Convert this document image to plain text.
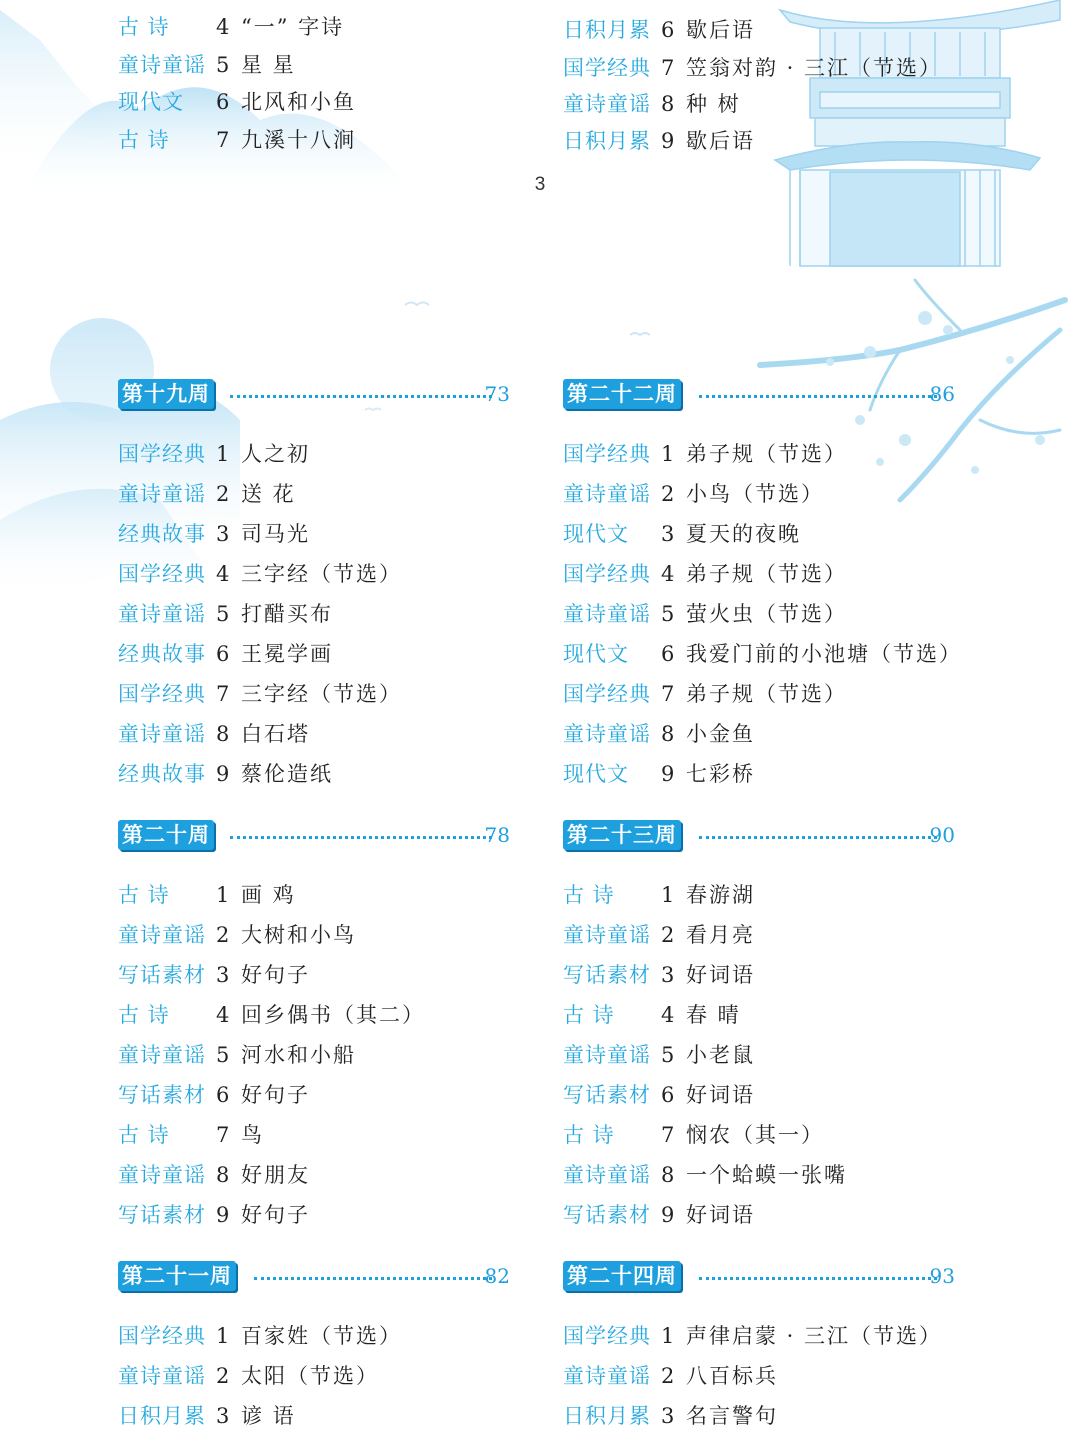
3
古 诗 4 “一” 字诗
童诗童谣 5 星 星
现代文 6 北风和小鱼
古 诗 7 九溪十八涧
日积月累 6 歇后语
国学经典 7 笠翁对韵 · 三江（节选）
童诗童谣 8 种 树
日积月累 9 歇后语
第十九周	73
国学经典 1 人之初
童诗童谣 2 送 花
经典故事 3 司马光
国学经典 4 三字经（节选）
童诗童谣 5 打醋买布
经典故事 6 王冕学画
国学经典 7 三字经（节选）
童诗童谣 8 白石塔
经典故事 9 蔡伦造纸
第二十周	78
古 诗 1 画 鸡
童诗童谣 2 大树和小鸟
写话素材 3 好句子
古 诗 4 回乡偶书（其二）
童诗童谣 5 河水和小船
写话素材 6 好句子
古 诗 7 鸟
童诗童谣 8 好朋友
写话素材 9 好句子
第二十一周	82
国学经典 1 百家姓（节选）
童诗童谣 2 太阳（节选）
日积月累 3 谚 语
第二十二周	86
国学经典 1 弟子规（节选）
童诗童谣 2 小鸟（节选）
现代文 3 夏天的夜晚
国学经典 4 弟子规（节选）
童诗童谣 5 萤火虫（节选）
现代文 6 我爱门前的小池塘（节选）
国学经典 7 弟子规（节选）
童诗童谣 8 小金鱼
现代文 9 七彩桥
第二十三周	90
古 诗 1 春游湖
童诗童谣 2 看月亮
写话素材 3 好词语
古 诗 4 春 晴
童诗童谣 5 小老鼠
写话素材 6 好词语
古 诗 7 悯农（其一）
童诗童谣 8 一个蛤蟆一张嘴
写话素材 9 好词语
第二十四周	93
国学经典 1 声律启蒙 · 三江（节选）
童诗童谣 2 八百标兵
日积月累 3 名言警句
